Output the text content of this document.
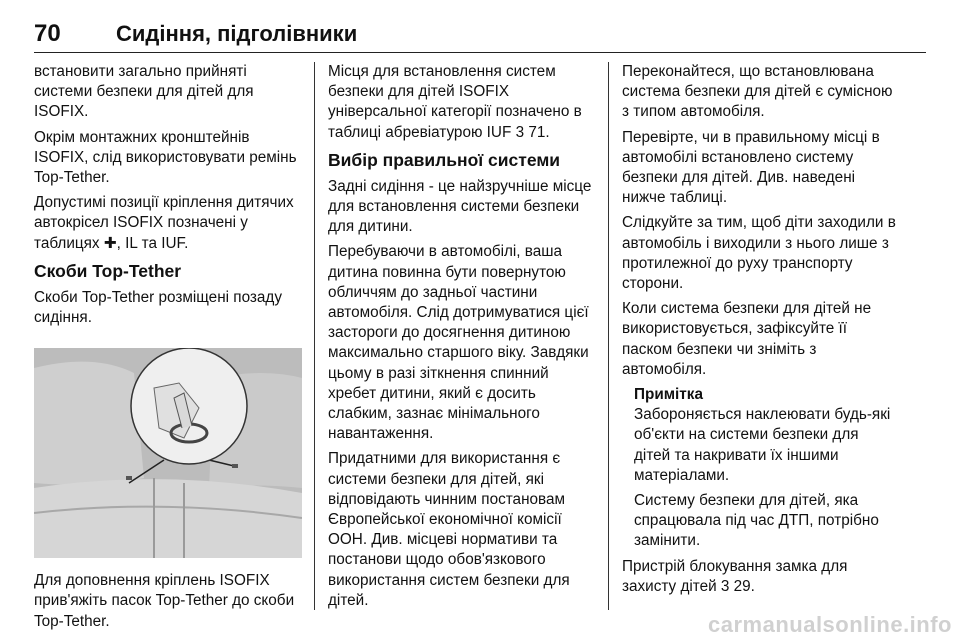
70	Сидіння, підголівники

встановити загально прийняті системи безпеки для дітей для ISOFIX.

Окрім монтажних кронштейнів ISOFIX, слід використовувати ремінь Top-Tether.

Допустимі позиції кріплення дитячих автокрісел ISOFIX позначені у таблицях ✚, IL та IUF.

Скоби Top-Tether

Скоби Top-Tether розміщені позаду сидіння.

Для доповнення кріплень ISOFIX прив'яжіть пасок Top-Tether до скоби Top-Tether.

Місця для встановлення систем безпеки для дітей ISOFIX універсальної категорії позначено в таблиці абревіатурою IUF 3 71.

Вибір правильної системи

Задні сидіння - це найзручніше місце для встановлення системи безпеки для дитини.

Перебуваючи в автомобілі, ваша дитина повинна бути повернутою обличчям до задньої частини автомобіля. Слід дотримуватися цієї застороги до досягнення дитиною максимально старшого віку. Завдяки цьому в разі зіткнення спинний хребет дитини, який є досить слабким, зазнає мінімального навантаження.

Придатними для використання є системи безпеки для дітей, які відповідають чинним постановам Європейської економічної комісії ООН. Див. місцеві нормативи та постанови щодо обов'язкового використання систем безпеки для дітей.

Переконайтеся, що встановлювана система безпеки для дітей є сумісною з типом автомобіля.

Перевірте, чи в правильному місці в автомобілі встановлено систему безпеки для дітей. Див. наведені нижче таблиці.

Слідкуйте за тим, щоб діти заходили в автомобіль і виходили з нього лише з протилежної до руху транспорту сторони.

Коли система безпеки для дітей не використовується, зафіксуйте її паском безпеки чи зніміть з автомобіля.

Примітка

Забороняється наклеювати будь-які об'єкти на системи безпеки для дітей та накривати їх іншими матеріалами.

Систему безпеки для дітей, яка спрацювала під час ДТП, потрібно замінити.

Пристрій блокування замка для захисту дітей 3 29.

carmanualsonline.info
